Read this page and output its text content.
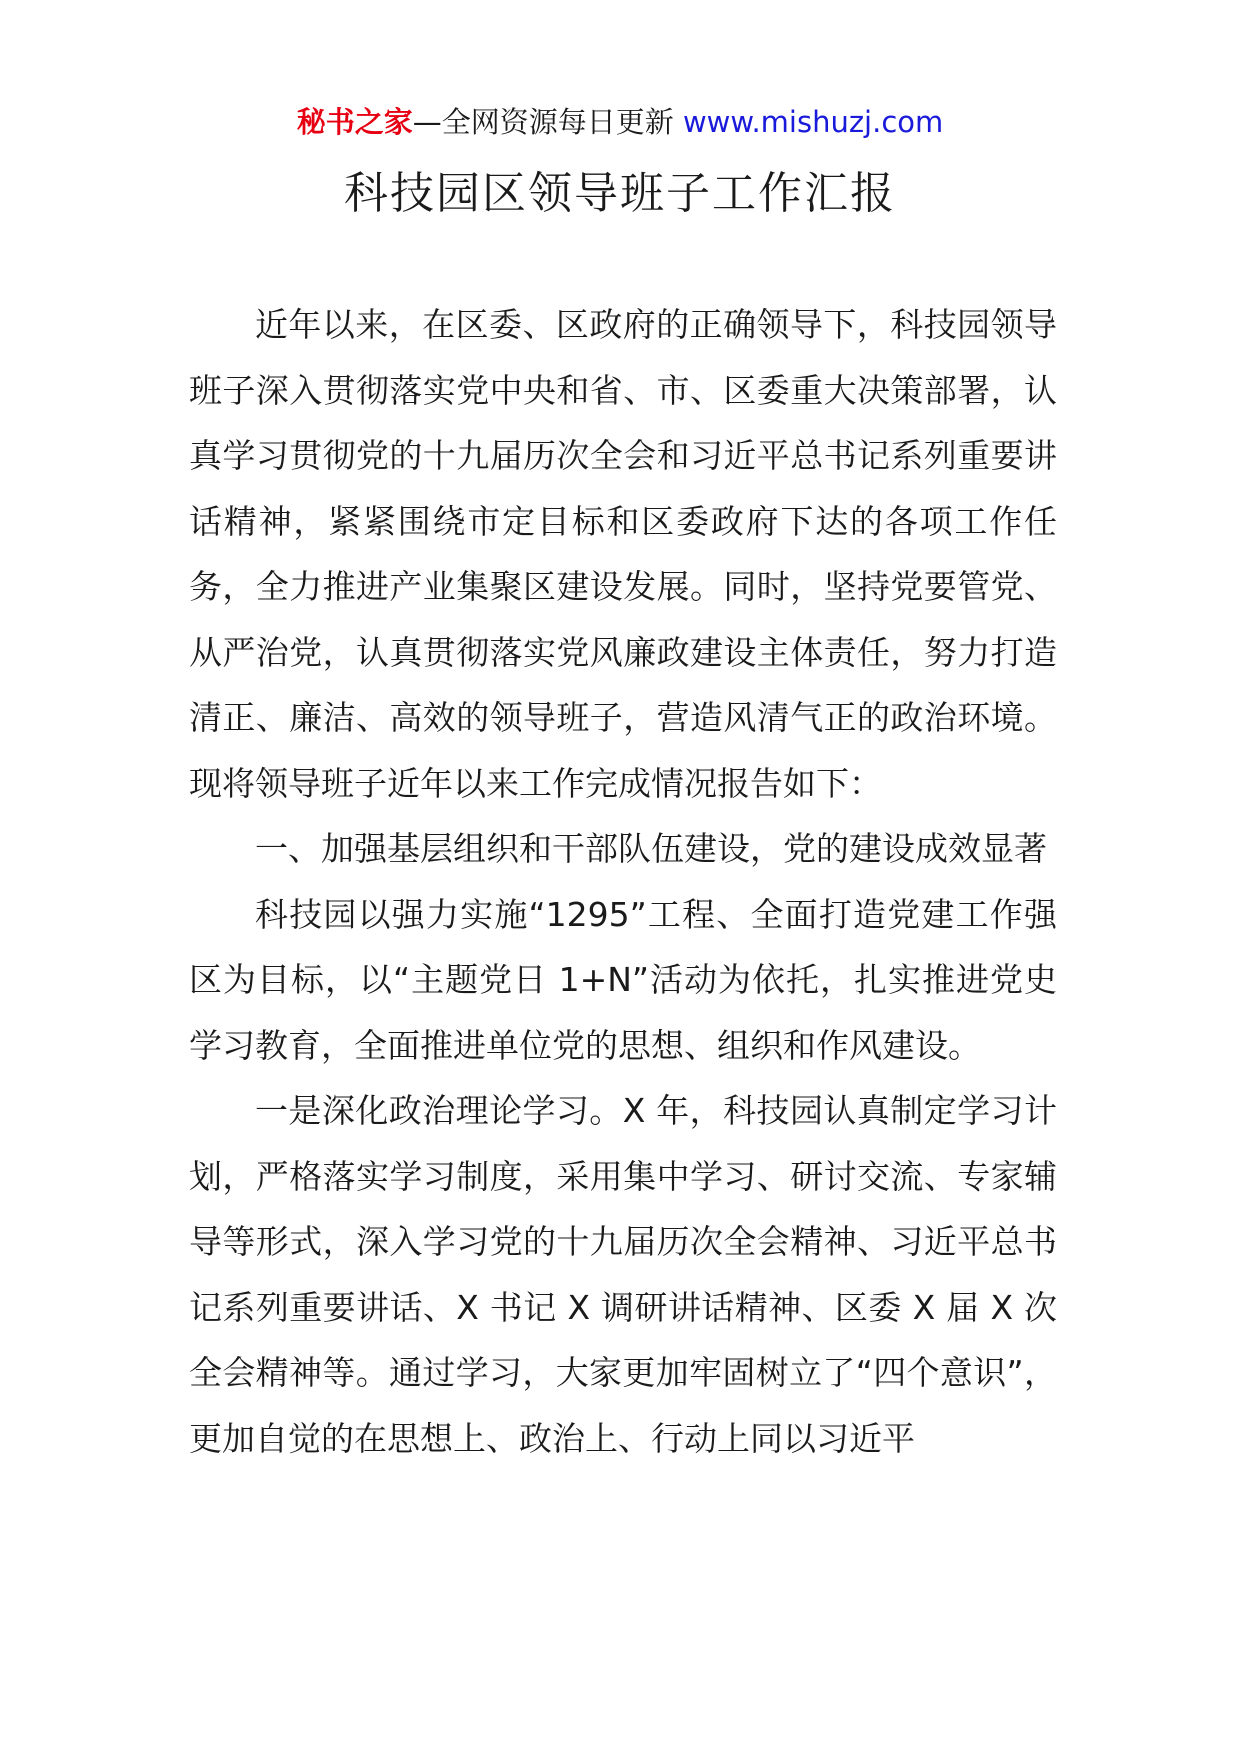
秘书之家—全网资源每日更新 www.mishuzj.com
科技园区领导班子工作汇报

近年以来，在区委、区政府的正确领导下，科技园领导班子深入贯彻落实党中央和省、市、区委重大决策部署，认真学习贯彻党的十九届历次全会和习近平总书记系列重要讲话精神，紧紧围绕市定目标和区委政府下达的各项工作任务，全力推进产业集聚区建设发展。同时，坚持党要管党、从严治党，认真贯彻落实党风廉政建设主体责任，努力打造清正、廉洁、高效的领导班子，营造风清气正的政治环境。现将领导班子近年以来工作完成情况报告如下：

一、加强基层组织和干部队伍建设，党的建设成效显著

科技园以强力实施“1295”工程、全面打造党建工作强区为目标，以“主题党日 1+N”活动为依托，扎实推进党史学习教育，全面推进单位党的思想、组织和作风建设。

一是深化政治理论学习。X 年，科技园认真制定学习计划，严格落实学习制度，采用集中学习、研讨交流、专家辅导等形式，深入学习党的十九届历次全会精神、习近平总书记系列重要讲话、X 书记 X 调研讲话精神、区委 X 届 X 次全会精神等。通过学习，大家更加牢固树立了“四个意识”，更加自觉的在思想上、政治上、行动上同以习近平
